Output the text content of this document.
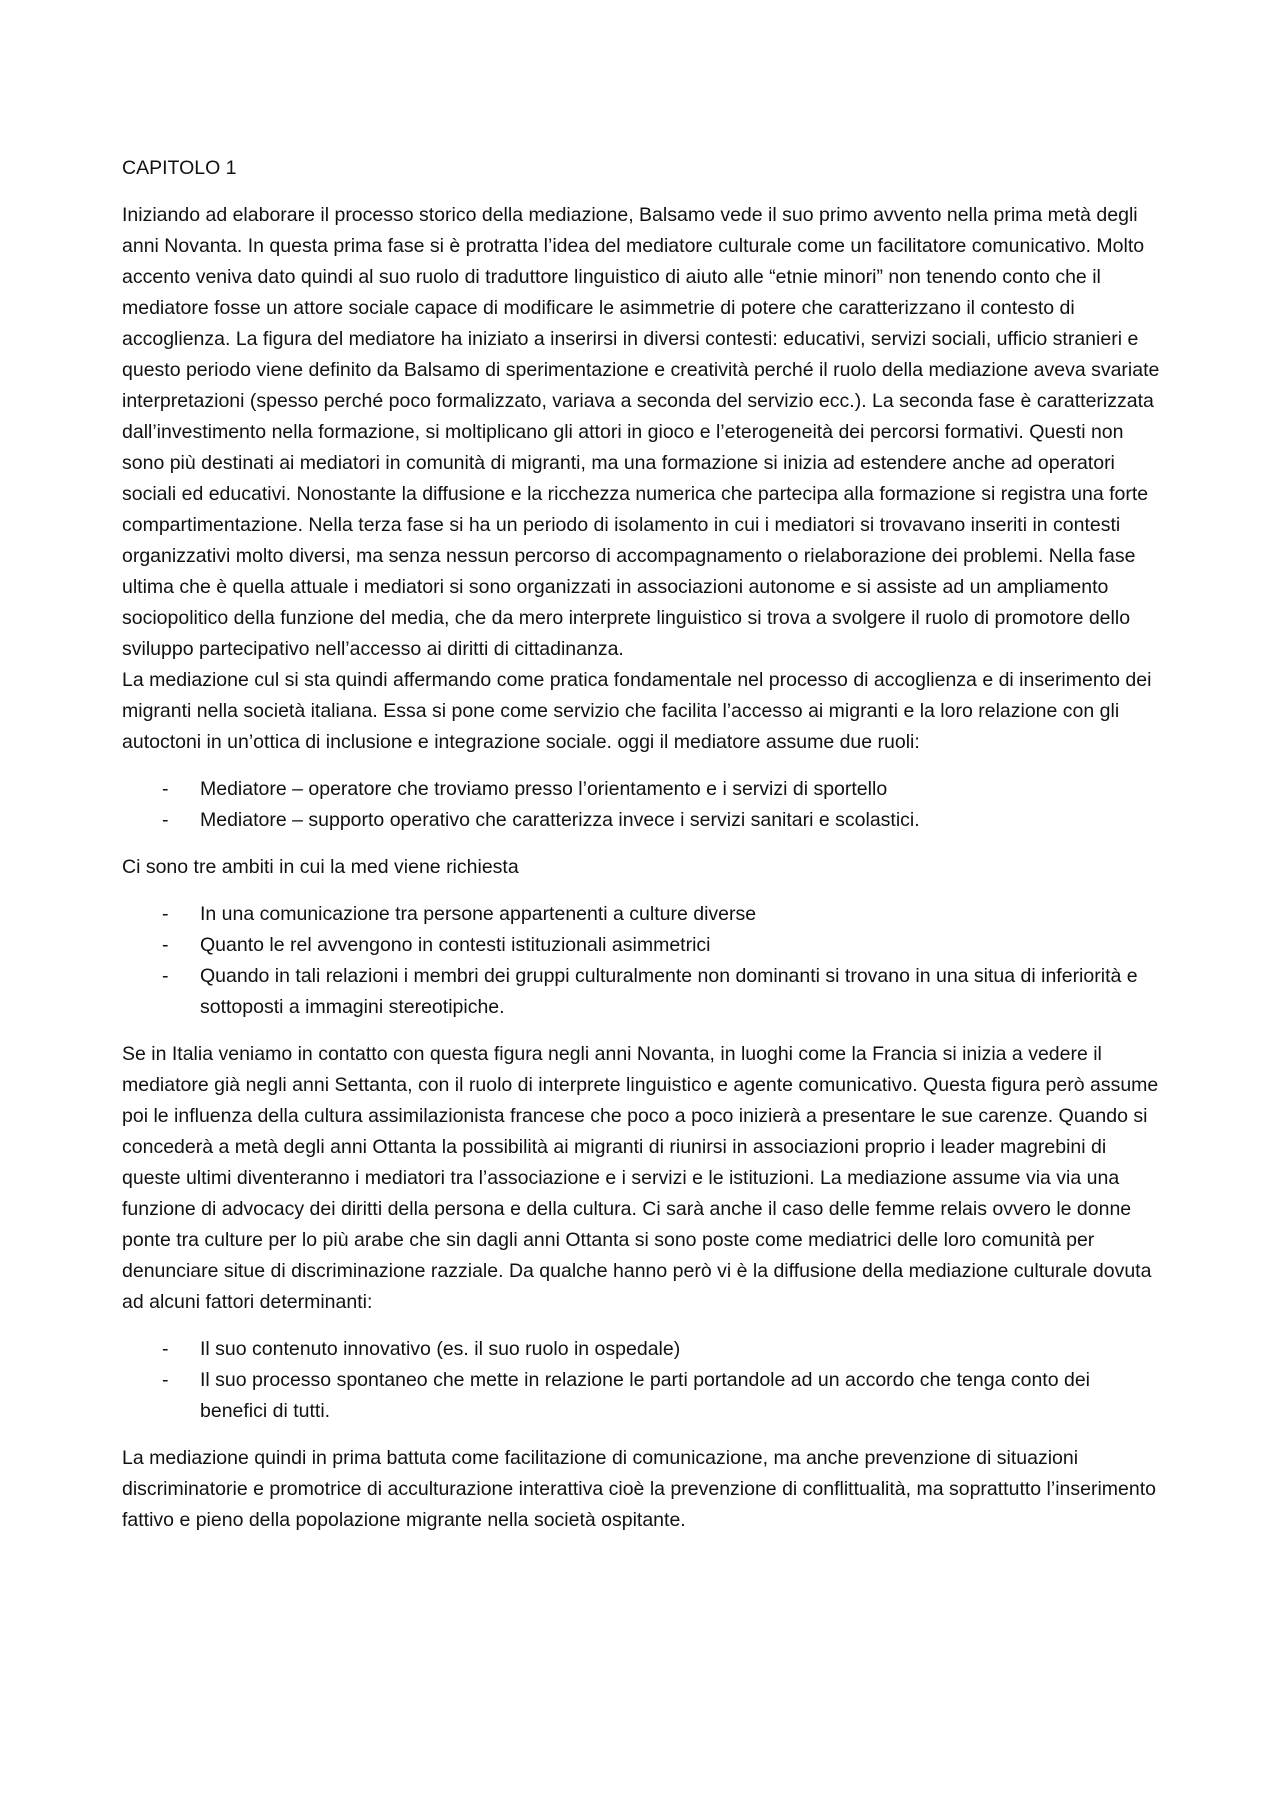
CAPITOLO 1

Iniziando ad elaborare il processo storico della mediazione, Balsamo vede il suo primo avvento nella prima metà degli anni Novanta. In questa prima fase si è protratta l’idea del mediatore culturale come un facilitatore comunicativo. Molto accento veniva dato quindi al suo ruolo di traduttore linguistico di aiuto alle “etnie minori” non tenendo conto che il mediatore fosse un attore sociale capace di modificare le asimmetrie di potere che caratterizzano il contesto di accoglienza. La figura del mediatore ha iniziato a inserirsi in diversi contesti: educativi, servizi sociali, ufficio stranieri e questo periodo viene definito da Balsamo di sperimentazione e creatività perché il ruolo della mediazione aveva svariate interpretazioni (spesso perché poco formalizzato, variava a seconda del servizio ecc.). La seconda fase è caratterizzata dall’investimento nella formazione, si moltiplicano gli attori in gioco e l’eterogeneità dei percorsi formativi. Questi non sono più destinati ai mediatori in comunità di migranti, ma una formazione si inizia ad estendere anche ad operatori sociali ed educativi. Nonostante la diffusione e la ricchezza numerica che partecipa alla formazione si registra una forte compartimentazione. Nella terza fase si ha un periodo di isolamento in cui i mediatori si trovavano inseriti in contesti organizzativi molto diversi, ma senza nessun percorso di accompagnamento o rielaborazione dei problemi. Nella fase ultima che è quella attuale i mediatori si sono organizzati in associazioni autonome e si assiste ad un ampliamento sociopolitico della funzione del media, che da mero interprete linguistico si trova a svolgere il ruolo di promotore dello sviluppo partecipativo nell’accesso ai diritti di cittadinanza.

La mediazione cul si sta quindi affermando come pratica fondamentale nel processo di accoglienza e di inserimento dei migranti nella società italiana. Essa si pone come servizio che facilita l’accesso ai migranti e la loro relazione con gli autoctoni in un’ottica di inclusione e integrazione sociale. oggi il mediatore assume due ruoli:

- Mediatore – operatore che troviamo presso l’orientamento e i servizi di sportello
- Mediatore – supporto operativo che caratterizza invece i servizi sanitari e scolastici.

Ci sono tre ambiti in cui la med viene richiesta

- In una comunicazione tra persone appartenenti a culture diverse
- Quanto le rel avvengono in contesti istituzionali asimmetrici
- Quando in tali relazioni i membri dei gruppi culturalmente non dominanti si trovano in una situa di inferiorità e sottoposti a immagini stereotipiche.

Se in Italia veniamo in contatto con questa figura negli anni Novanta, in luoghi come la Francia si inizia a vedere il mediatore già negli anni Settanta, con il ruolo di interprete linguistico e agente comunicativo. Questa figura però assume poi le influenza della cultura assimilazionista francese che poco a poco inizierà a presentare le sue carenze. Quando si concederà a metà degli anni Ottanta la possibilità ai migranti di riunirsi in associazioni proprio i leader magrebini di queste ultimi diventeranno i mediatori tra l’associazione e i servizi e le istituzioni. La mediazione assume via via una funzione di advocacy dei diritti della persona e della cultura. Ci sarà anche il caso delle femme relais ovvero le donne ponte tra culture per lo più arabe che sin dagli anni Ottanta si sono poste come mediatrici delle loro comunità per denunciare situe di discriminazione razziale. Da qualche hanno però vi è la diffusione della mediazione culturale dovuta ad alcuni fattori determinanti:

- Il suo contenuto innovativo (es. il suo ruolo in ospedale)
- Il suo processo spontaneo che mette in relazione le parti portandole ad un accordo che tenga conto dei benefici di tutti.

La mediazione quindi in prima battuta come facilitazione di comunicazione, ma anche prevenzione di situazioni discriminatorie e promotrice di acculturazione interattiva cioè la prevenzione di conflittualità, ma soprattutto l’inserimento fattivo e pieno della popolazione migrante nella società ospitante.
